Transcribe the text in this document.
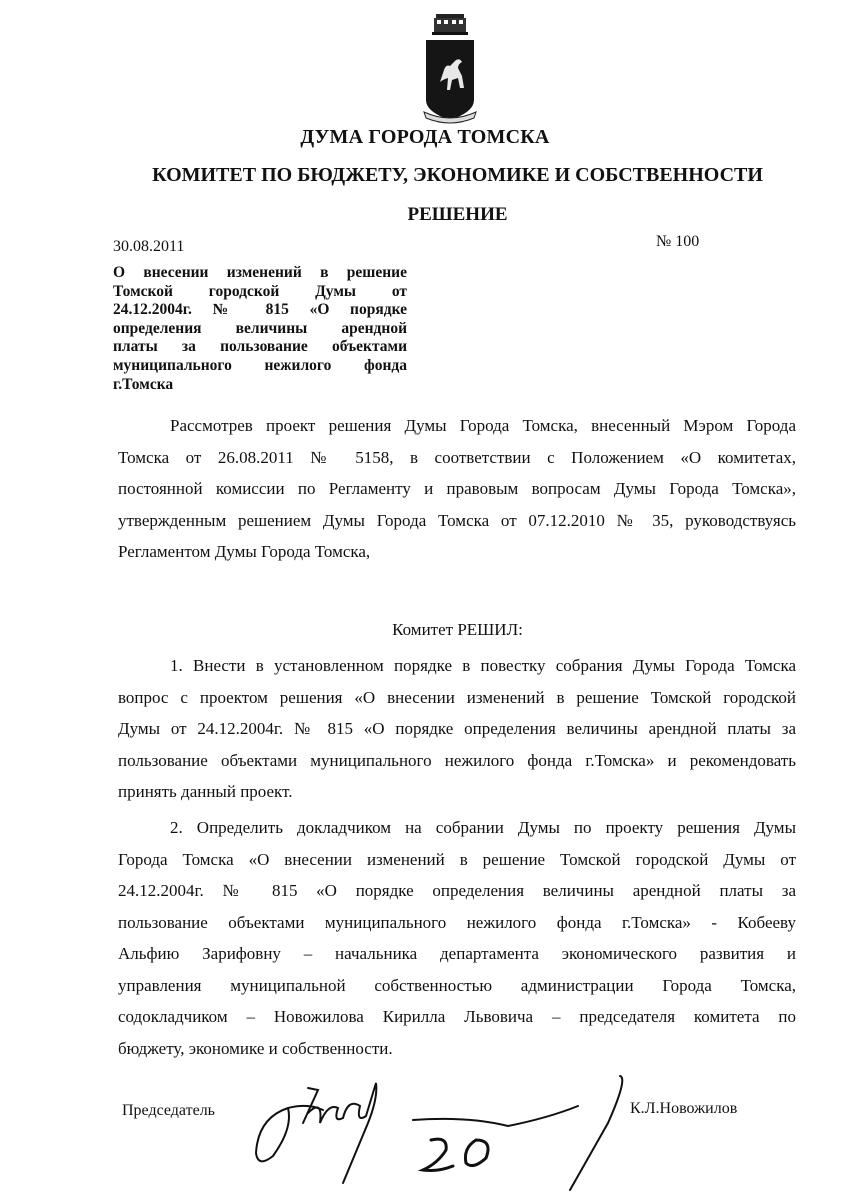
ДУМА ГОРОДА ТОМСКА
КОМИТЕТ ПО БЮДЖЕТУ, ЭКОНОМИКЕ И СОБСТВЕННОСТИ
РЕШЕНИЕ
30.08.2011	№ 100
О внесении изменений в решение
Томской городской Думы от
24.12.2004г. № 815 «О порядке
определения величины арендной
платы за пользование объектами
муниципального нежилого фонда
г.Томска
Рассмотрев проект решения Думы Города Томска, внесенный Мэром Города
Томска от 26.08.2011 № 5158, в соответствии с Положением «О комитетах,
постоянной комиссии по Регламенту и правовым вопросам Думы Города Томска»,
утвержденным решением Думы Города Томска от 07.12.2010 № 35, руководствуясь
Регламентом Думы Города Томска,
Комитет РЕШИЛ:
1. Внести в установленном порядке в повестку собрания Думы Города Томска
вопрос с проектом решения «О внесении изменений в решение Томской городской
Думы от 24.12.2004г. № 815 «О порядке определения величины арендной платы за
пользование объектами муниципального нежилого фонда г.Томска» и рекомендовать
принять данный проект.
2. Определить докладчиком на собрании Думы по проекту решения Думы
Города Томска «О внесении изменений в решение Томской городской Думы от
24.12.2004г. № 815 «О порядке определения величины арендной платы за
пользование объектами муниципального нежилого фонда г.Томска» - Кобееву
Альфию Зарифовну – начальника департамента экономического развития и
управления муниципальной собственностью администрации Города Томска,
содокладчиком – Новожилова Кирилла Львовича – председателя комитета по
бюджету, экономике и собственности.
Председатель	К.Л.Новожилов
